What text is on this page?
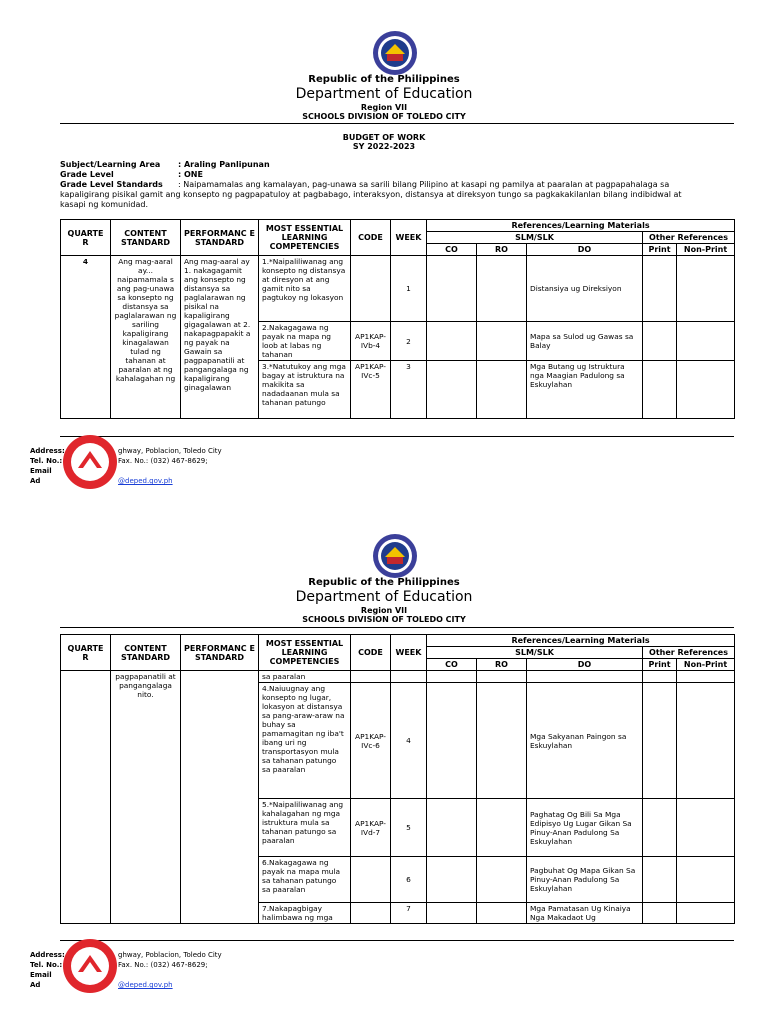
Republic of the Philippines
Department of Education
Region VII
SCHOOLS DIVISION OF TOLEDO CITY
BUDGET OF WORK
SY 2022-2023
Subject/Learning Area : Araling Panlipunan
Grade Level	: ONE
Grade Level Standards : Naipamamalas ang kamalayan, pag-unawa sa sarili bilang Pilipino at kasapi ng pamilya at paaralan at pagpapahalaga sa kapaligirang pisikal gamit ang konsepto ng pagpapatuloy at pagbabago, interaksyon, distansya at direksyon tungo sa pagkakakilanlan bilang indibidwal at kasapi ng komunidad.
QUARTE R	CONTENT STANDARD	PERFORMANC E STANDARD	MOST ESSENTIAL LEARNING COMPETENCIES	CODE	WEEK	References/Learning Materials				
						SLM/SLK			Other References	
						CO	RO	DO	Print	Non-Print
4	Ang mag-aaral ay... naipamamala s ang pag-unawa sa konsepto ng distansya sa paglalarawan ng sariling kapaligirang kinagalawan tulad ng tahanan at paaralan at ng kahalagahan ng	Ang mag-aaral ay 1. nakagagamit ang konsepto ng distansya sa paglalarawan ng pisikal na kapaligirang gigagalawan at 2. nakapagpapakit a ng payak na Gawain sa pagpapanatili at pangangalaga ng kapaligirang ginagalawan	1.*Naipaliliwanag ang konsepto ng distansya at diresyon at ang gamit nito sa pagtukoy ng lokasyon		1			Distansiya ug Direksiyon		
			2.Nakagagawa ng payak na mapa ng loob at labas ng tahanan	AP1KAP-IVb-4	2			Mapa sa Sulod ug Gawas sa Balay		
			3.*Natutukoy ang mga bagay at istruktura na makikita sa nadadaanan mula sa tahanan patungo	AP1KAP-IVc-5	3			Mga Butang ug Istruktura nga Maagian Padulong sa Eskuylahan		
Address:	ghway, Poblacion, Toledo City
Tel. No.:	Fax. No.: (032) 467-8629;
Email Ad	@deped.gov.ph
Republic of the Philippines
Department of Education
Region VII
SCHOOLS DIVISION OF TOLEDO CITY
QUARTE R	CONTENT STANDARD	PERFORMANC E STANDARD	MOST ESSENTIAL LEARNING COMPETENCIES	CODE	WEEK	References/Learning Materials				
						SLM/SLK			Other References	
						CO	RO	DO	Print	Non-Print
	pagpapanatili at pangangalaga nito.		sa paaralan							
			4.Naiuugnay ang konsepto ng lugar, lokasyon at distansya sa pang-araw-araw na buhay sa pamamagitan ng iba't ibang uri ng transportasyon mula sa tahanan patungo sa paaralan	AP1KAP-IVc-6	4			Mga Sakyanan Paingon sa Eskuylahan		
			5.*Naipaliliwanag ang kahalagahan ng mga istruktura mula sa tahanan patungo sa paaralan	AP1KAP-IVd-7	5			Paghatag Og Bili Sa Mga Edipisyo Ug Lugar Gikan Sa Pinuy-Anan Padulong Sa Eskuylahan		
			6.Nakagagawa ng payak na mapa mula sa tahanan patungo sa paaralan		6			Pagbuhat Og Mapa Gikan Sa Pinuy-Anan Padulong Sa Eskuylahan		
			7.Nakapagbigay halimbawa ng mga		7			Mga Pamatasan Ug Kinaiya Nga Makadaot Ug		
Address:	ghway, Poblacion, Toledo City
Tel. No.:	Fax. No.: (032) 467-8629;
Email Ad	@deped.gov.ph
